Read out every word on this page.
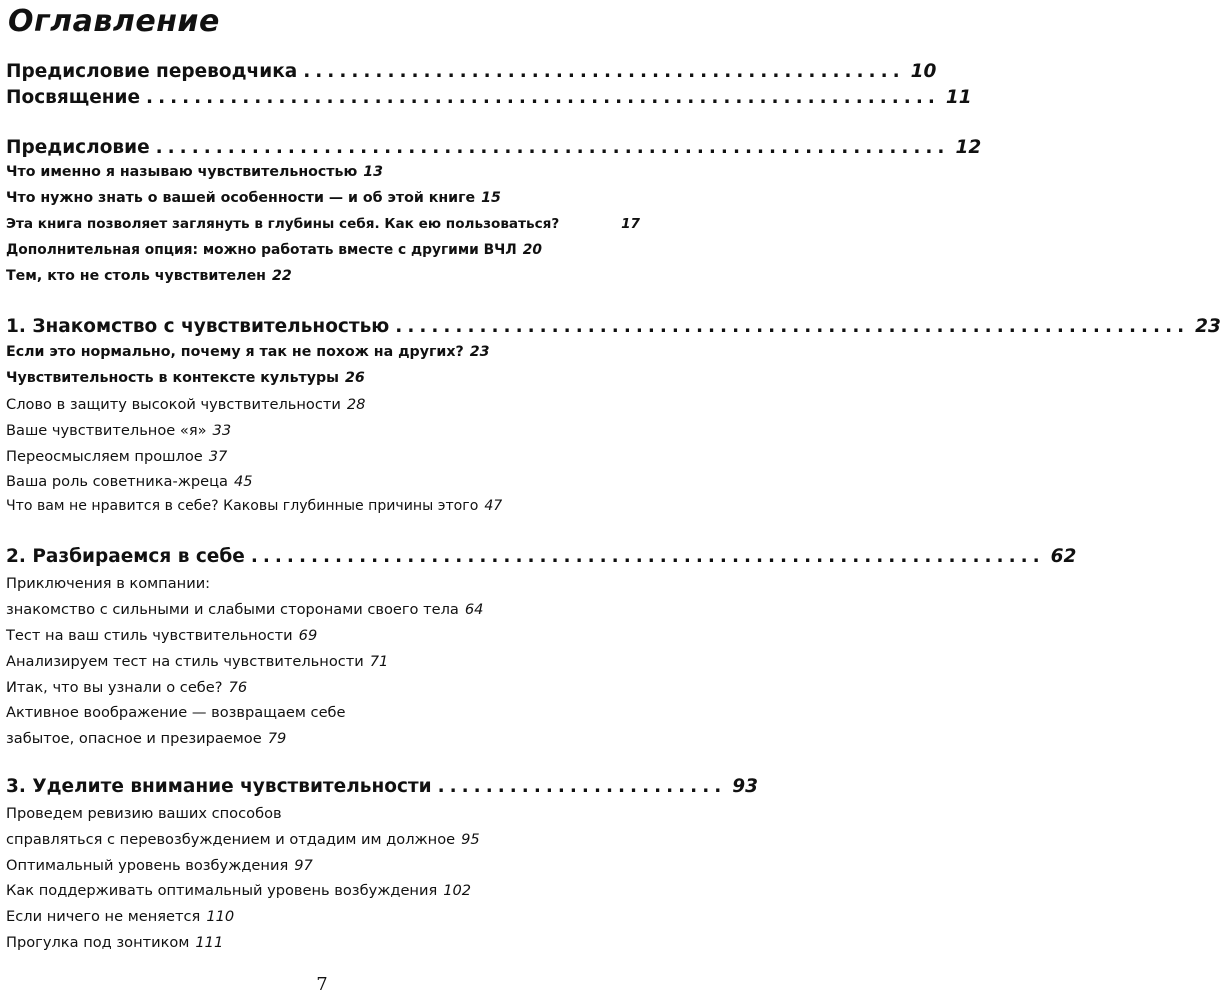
Оглавление
Предисловие переводчика .................................................. 10
Посвящение .................................................................. 11
Предисловие .................................................................. 12
Что именно я называю чувствительностью 13
Что нужно знать о вашей особенности — и об этой книге 15
Эта книга позволяет заглянуть в глубины себя. Как ею пользоваться?	17
Дополнительная опция: можно работать вместе с другими ВЧЛ 20
Тем, кто не столь чувствителен 22
1. Знакомство с чувствительностью .................................................................. 23
Если это нормально, почему я так не похож на других? 23
Чувствительность в контексте культуры 26
Слово в защиту высокой чувствительности 28
Ваше чувствительное «я» 33
Переосмысляем прошлое 37
Ваша роль советника-жреца 45
Что вам не нравится в себе? Каковы глубинные причины этого 47
2. Разбираемся в себе .................................................................. 62
Приключения в компании:
знакомство с сильными и слабыми сторонами своего тела 64
Тест на ваш стиль чувствительности 69
Анализируем тест на стиль чувствительности 71
Итак, что вы узнали о себе? 76
Активное воображение — возвращаем себе
забытое, опасное и презираемое 79
3. Уделите внимание чувствительности ........................ 93
Проведем ревизию ваших способов
справляться с перевозбуждением и отдадим им должное 95
Оптимальный уровень возбуждения 97
Как поддерживать оптимальный уровень возбуждения 102
Если ничего не меняется 110
Прогулка под зонтиком 111
7
